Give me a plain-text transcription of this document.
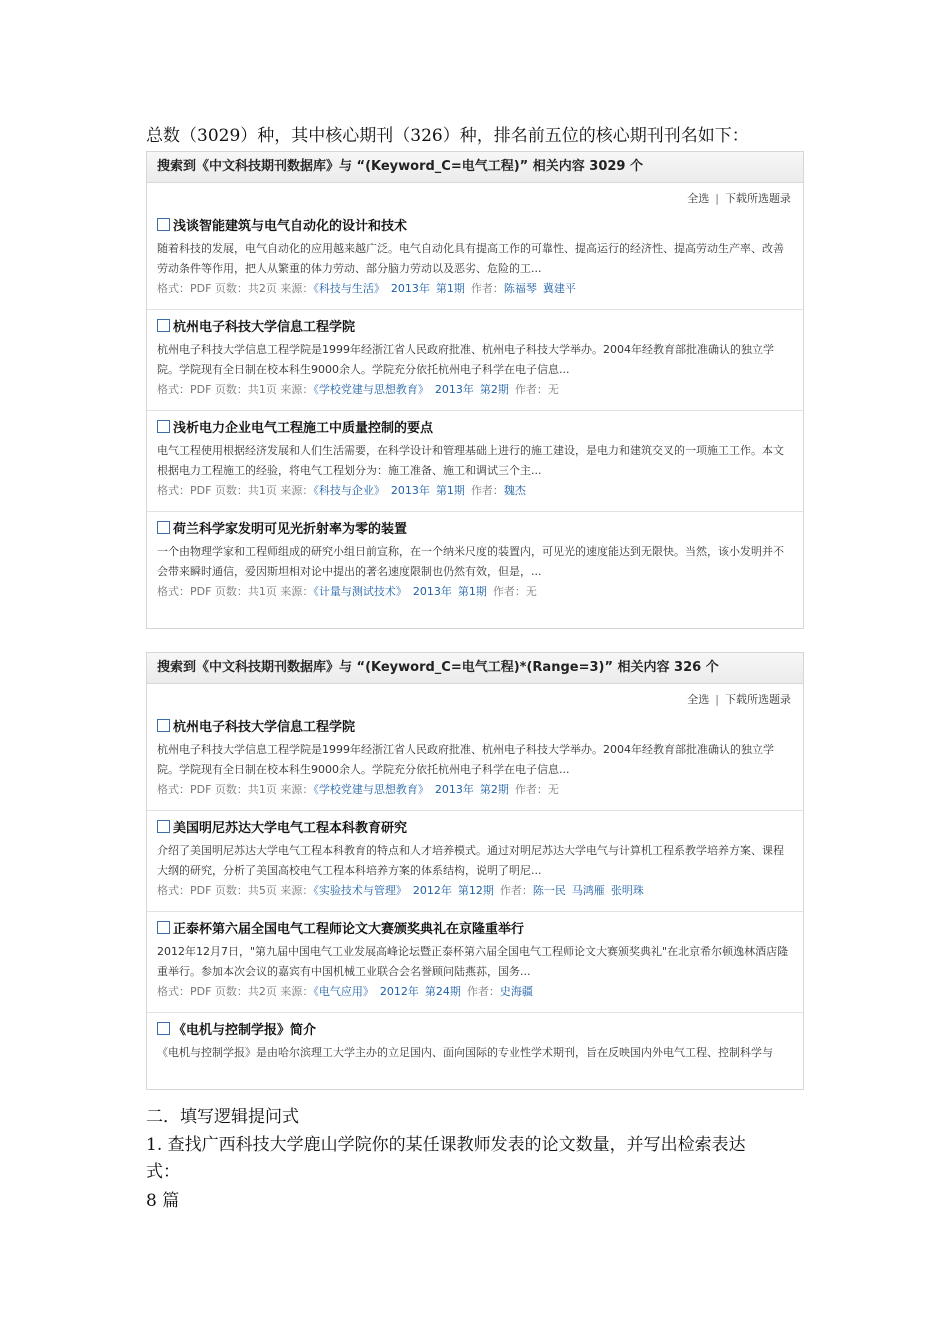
总数（3029）种，其中核心期刊（326）种，排名前五位的核心期刊刊名如下：
搜索到《中文科技期刊数据库》与 “(Keyword_C=电气工程)” 相关内容 3029 个
全选 | 下载所选题录
浅谈智能建筑与电气自动化的设计和技术
随着科技的发展，电气自动化的应用越来越广泛。电气自动化具有提高工作的可靠性、提高运行的经济性、提高劳动生产率、改善劳动条件等作用，把人从繁重的体力劳动、部分脑力劳动以及恶劣、危险的工...
格式：PDF 页数：共2页 来源：《科技与生活》 2013年 第1期 作者：陈福琴 冀建平
杭州电子科技大学信息工程学院
杭州电子科技大学信息工程学院是1999年经浙江省人民政府批准、杭州电子科技大学举办。2004年经教育部批准确认的独立学院。学院现有全日制在校本科生9000余人。学院充分依托杭州电子科学在电子信息...
格式：PDF 页数：共1页 来源：《学校党建与思想教育》 2013年 第2期 作者：无
浅析电力企业电气工程施工中质量控制的要点
电气工程使用根据经济发展和人们生活需要，在科学设计和管理基础上进行的施工建设，是电力和建筑交叉的一项施工工作。本文根据电力工程施工的经验，将电气工程划分为：施工准备、施工和调试三个主...
格式：PDF 页数：共1页 来源：《科技与企业》 2013年 第1期 作者：魏杰
荷兰科学家发明可见光折射率为零的装置
一个由物理学家和工程师组成的研究小组日前宣称，在一个纳米尺度的装置内，可见光的速度能达到无限快。当然，该小发明并不会带来瞬时通信，爱因斯坦相对论中提出的著名速度限制也仍然有效，但是，...
格式：PDF 页数：共1页 来源：《计量与测试技术》 2013年 第1期 作者：无
搜索到《中文科技期刊数据库》与 “(Keyword_C=电气工程)*(Range=3)” 相关内容 326 个
全选 | 下载所选题录
杭州电子科技大学信息工程学院
杭州电子科技大学信息工程学院是1999年经浙江省人民政府批准、杭州电子科技大学举办。2004年经教育部批准确认的独立学院。学院现有全日制在校本科生9000余人。学院充分依托杭州电子科学在电子信息...
格式：PDF 页数：共1页 来源：《学校党建与思想教育》 2013年 第2期 作者：无
美国明尼苏达大学电气工程本科教育研究
介绍了美国明尼苏达大学电气工程本科教育的特点和人才培养模式。通过对明尼苏达大学电气与计算机工程系教学培养方案、课程大纲的研究，分析了美国高校电气工程本科培养方案的体系结构，说明了明尼...
格式：PDF 页数：共5页 来源：《实验技术与管理》 2012年 第12期 作者：陈一民 马鸿雁 张明珠
正泰杯第六届全国电气工程师论文大赛颁奖典礼在京隆重举行
2012年12月7日，"第九届中国电气工业发展高峰论坛暨正泰杯第六届全国电气工程师论文大赛颁奖典礼"在北京希尔顿逸林酒店隆重举行。参加本次会议的嘉宾有中国机械工业联合会名誉顾问陆燕荪，国务...
格式：PDF 页数：共2页 来源：《电气应用》 2012年 第24期 作者：史海疆
《电机与控制学报》简介
《电机与控制学报》是由哈尔滨理工大学主办的立足国内、面向国际的专业性学术期刊，旨在反映国内外电气工程、控制科学与
二．填写逻辑提问式
1. 查找广西科技大学鹿山学院你的某任课教师发表的论文数量，并写出检索表达
式：
8 篇
